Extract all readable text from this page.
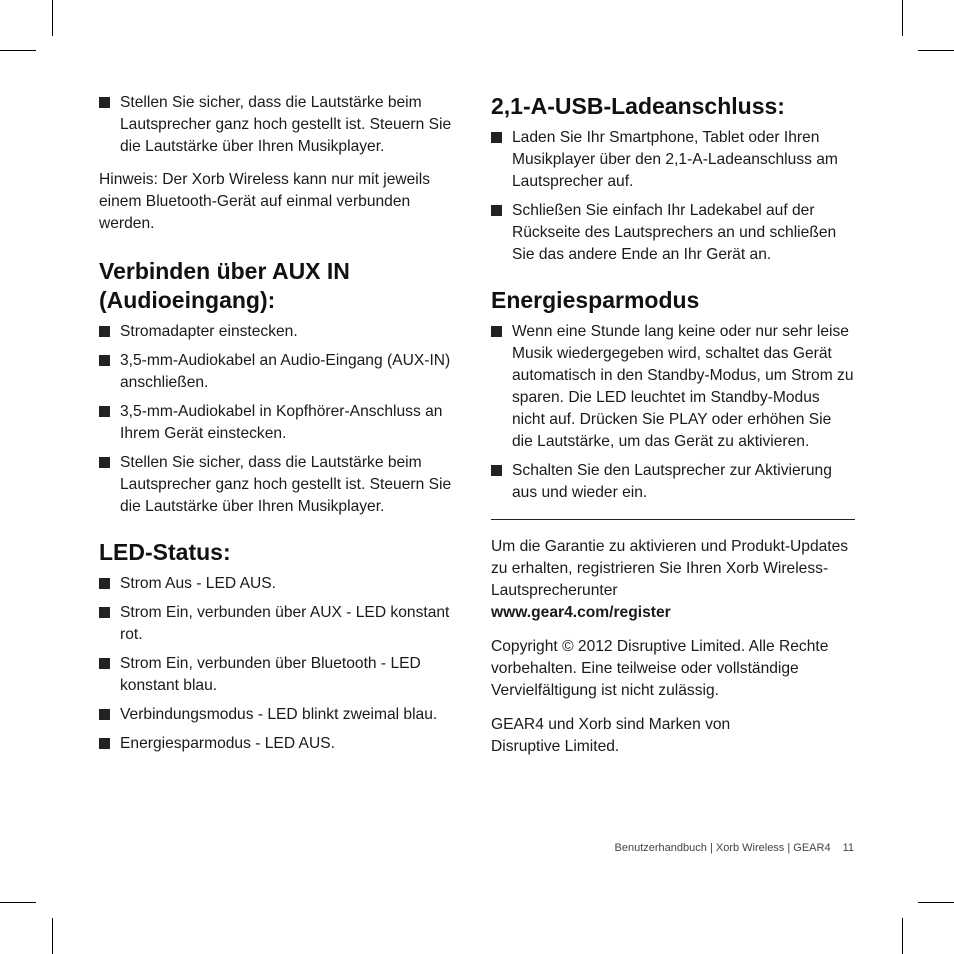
Stellen Sie sicher, dass die Lautstärke beim Lautsprecher ganz hoch gestellt ist. Steuern Sie die Lautstärke über Ihren Musikplayer.

Hinweis: Der Xorb Wireless kann nur mit jeweils einem Bluetooth-Gerät auf einmal verbunden werden.

Verbinden über AUX IN (Audioeingang):
Stromadapter einstecken.
3,5-mm-Audiokabel an Audio-Eingang (AUX-IN) anschließen.
3,5-mm-Audiokabel in Kopfhörer-Anschluss an Ihrem Gerät einstecken.
Stellen Sie sicher, dass die Lautstärke beim Lautsprecher ganz hoch gestellt ist. Steuern Sie die Lautstärke über Ihren Musikplayer.
LED-Status:
Strom Aus - LED AUS.
Strom Ein, verbunden über AUX - LED konstant rot.
Strom Ein, verbunden über Bluetooth - LED konstant blau.
Verbindungsmodus - LED blinkt zweimal blau.
Energiesparmodus - LED AUS.
2,1-A-USB-Ladeanschluss:
Laden Sie Ihr Smartphone, Tablet oder Ihren Musikplayer über den 2,1-A-Ladeanschluss am Lautsprecher auf.
Schließen Sie einfach Ihr Ladekabel auf der Rückseite des Lautsprechers an und schließen Sie das andere Ende an Ihr Gerät an.
Energiesparmodus
Wenn eine Stunde lang keine oder nur sehr leise Musik wiedergegeben wird, schaltet das Gerät automatisch in den Standby-Modus, um Strom zu sparen. Die LED leuchtet im Standby-Modus nicht auf. Drücken Sie PLAY oder erhöhen Sie die Lautstärke, um das Gerät zu aktivieren.
Schalten Sie den Lautsprecher zur Aktivierung aus und wieder ein.

Um die Garantie zu aktivieren und Produkt-Updates zu erhalten, registrieren Sie Ihren Xorb Wireless-Lautsprecherunter
www.gear4.com/register

Copyright © 2012 Disruptive Limited. Alle Rechte vorbehalten. Eine teilweise oder vollständige Vervielfältigung ist nicht zulässig.

GEAR4 und Xorb sind Marken von Disruptive Limited.

Benutzerhandbuch | Xorb Wireless | GEAR4 11
